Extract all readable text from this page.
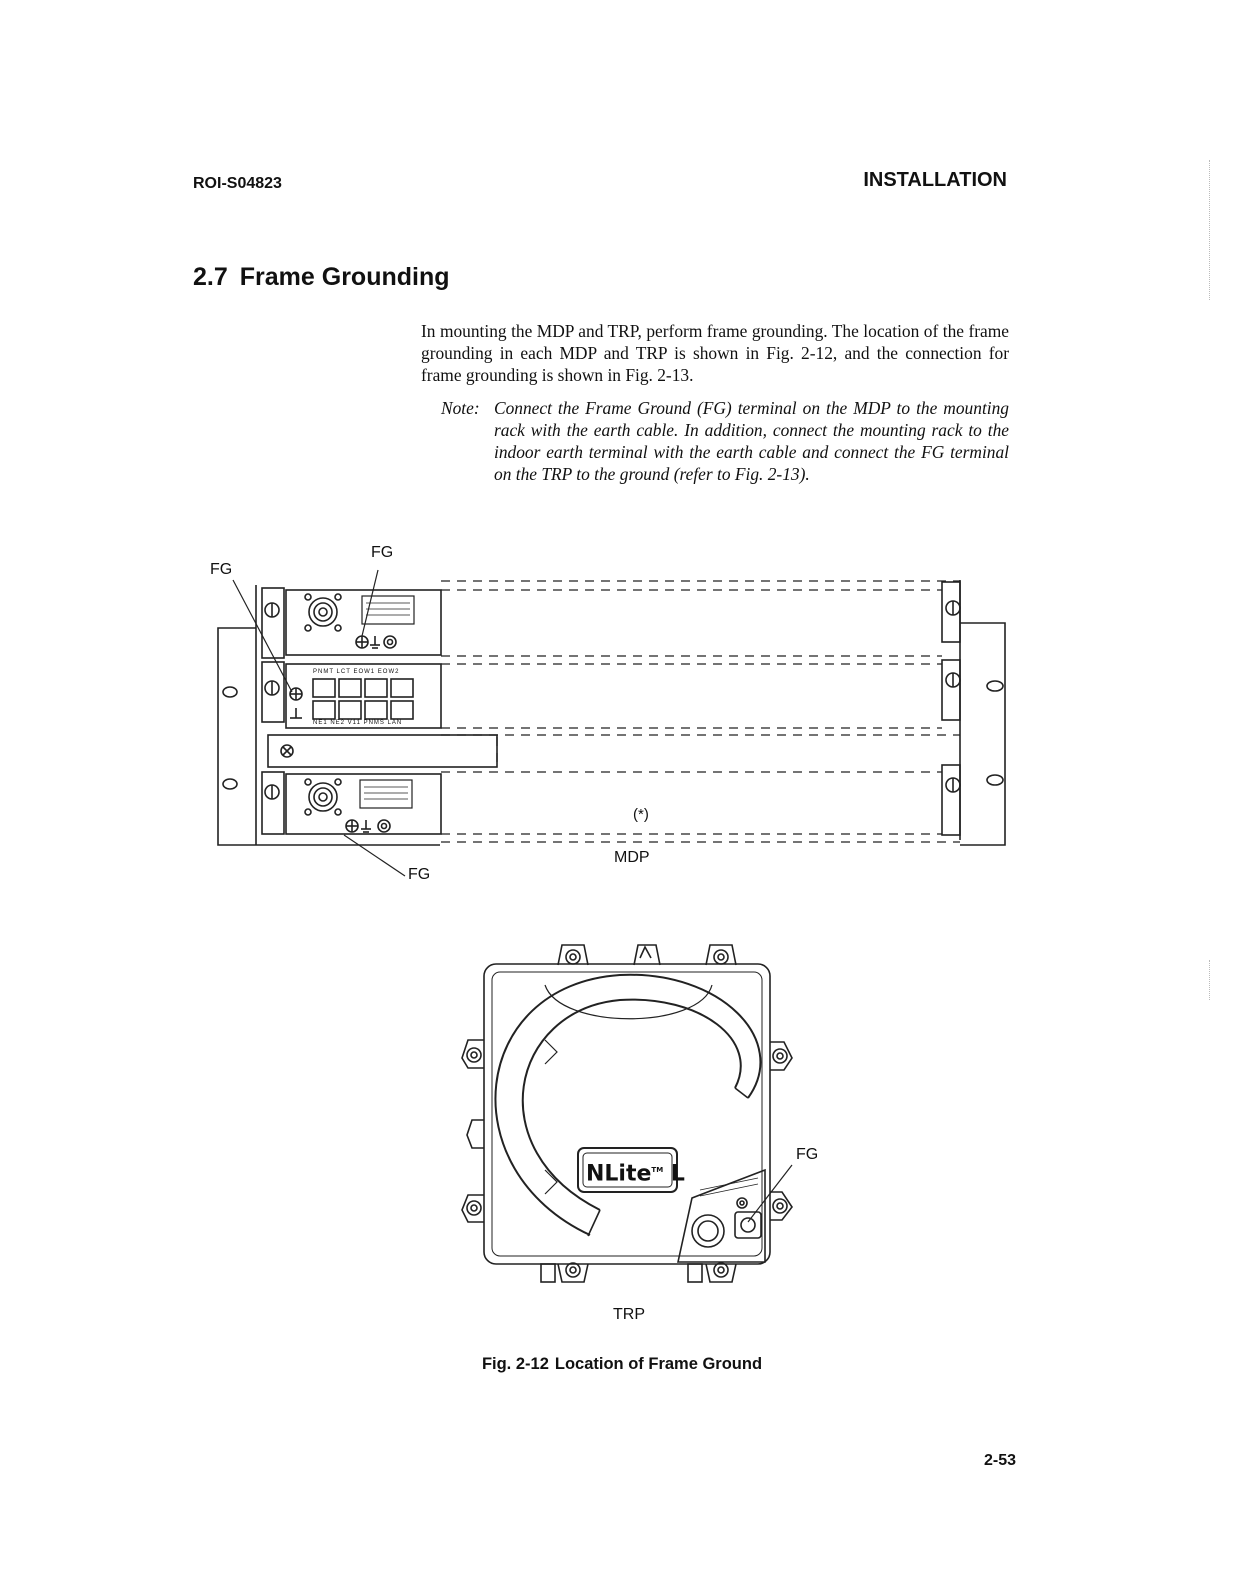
ROI-S04823	INSTALLATION
2.7 Frame Grounding
In mounting the MDP and TRP, perform frame grounding. The location of the frame grounding in each MDP and TRP is shown in Fig. 2-12, and the connection for frame grounding is shown in Fig. 2-13.
Note: Connect the Frame Ground (FG) terminal on the MDP to the mounting rack with the earth cable. In addition, connect the mounting rack to the indoor earth terminal with the earth cable and connect the FG terminal on the TRP to the ground (refer to Fig. 2-13).
FG
FG
FG
(*)
MDP
PNMT LCT EOW1 EOW2
NE1 NE2 V11 PNMS LAN
NLite™ L
FG
TRP
Fig. 2-12 Location of Frame Ground
2-53
